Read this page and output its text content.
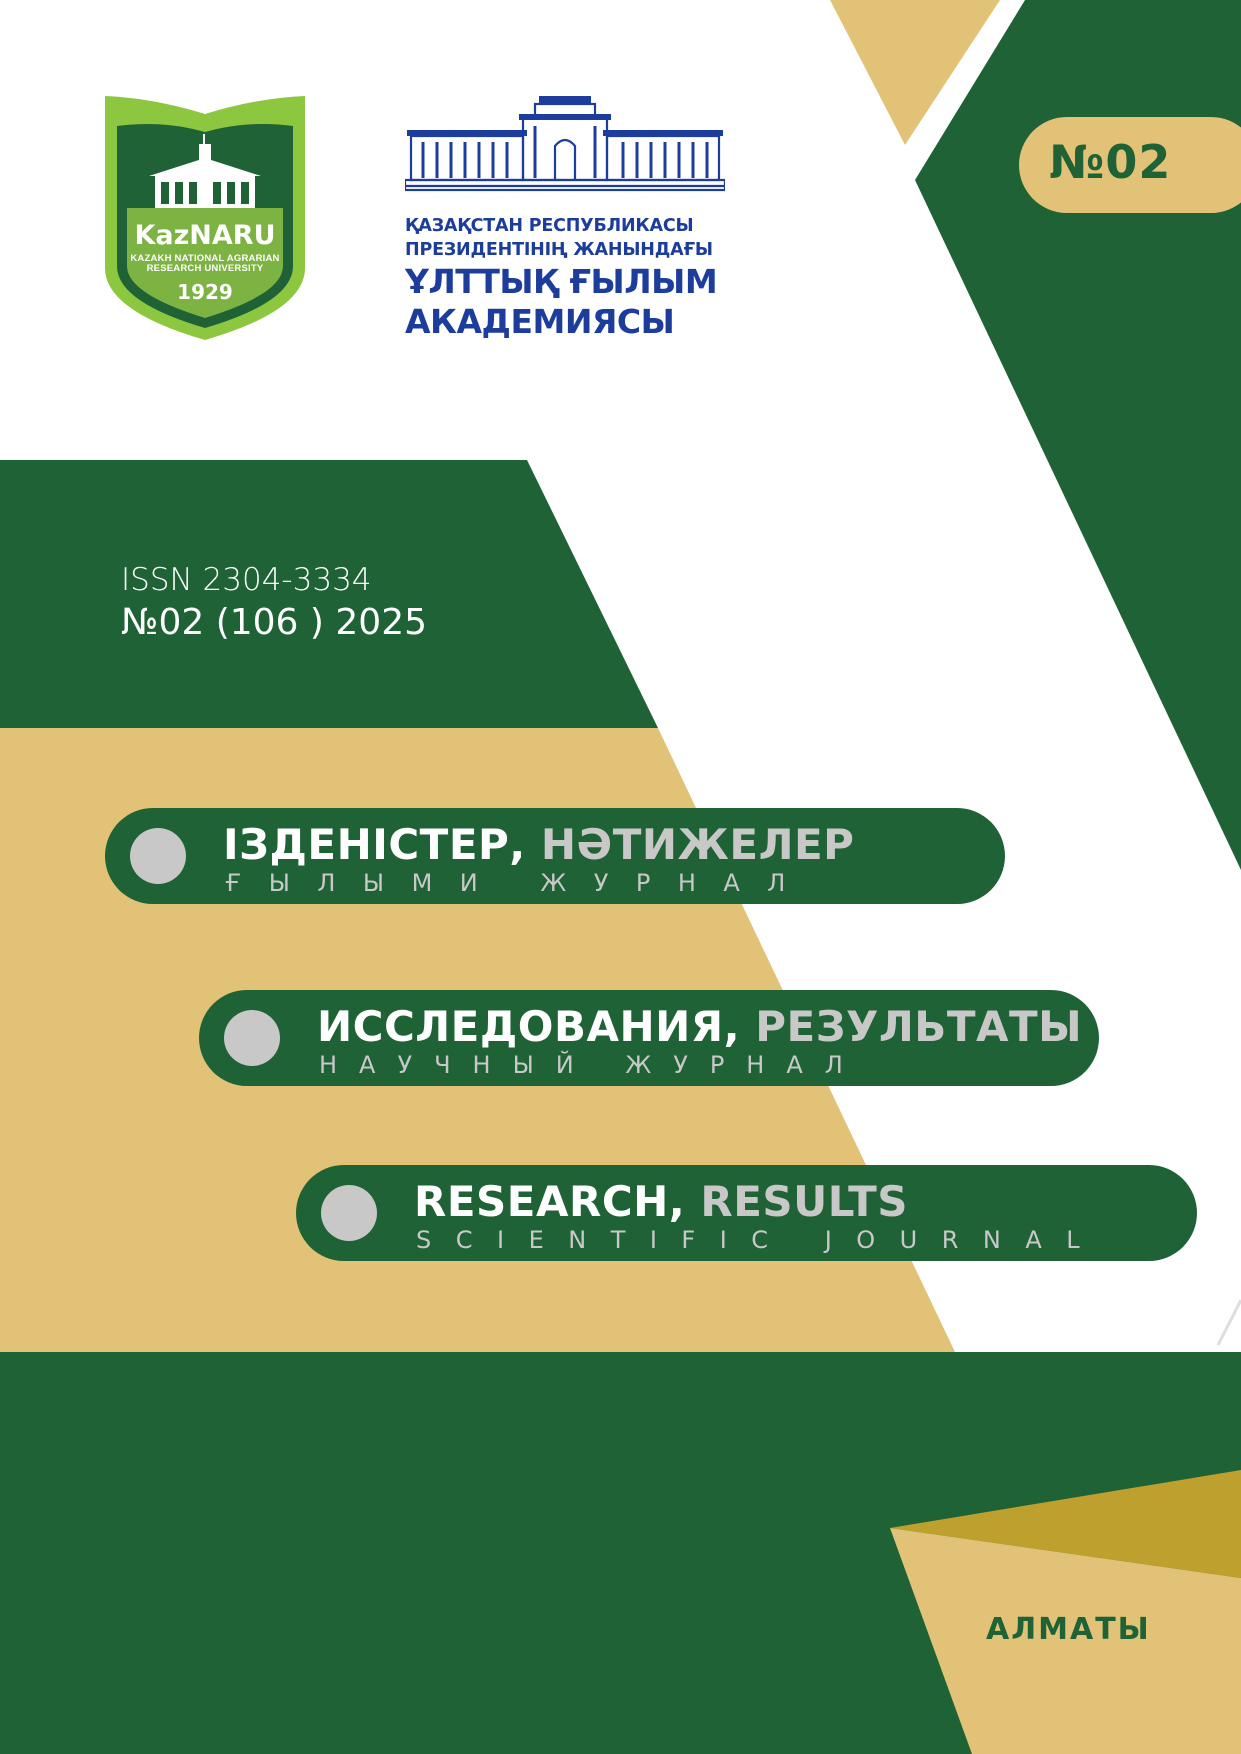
№02
KazNARU
KAZAKH NATIONAL AGRARIAN
RESEARCH UNIVERSITY
1929
ҚАЗАҚСТАН РЕСПУБЛИКАСЫ
ПРЕЗИДЕНТІНІҢ ЖАНЫНДАҒЫ
ҰЛТТЫҚ ҒЫЛЫМ
АКАДЕМИЯСЫ
ISSN 2304-3334
№02 (106 ) 2025
ІЗДЕНІСТЕР, НӘТИЖЕЛЕР
ҒЫЛЫМИ ЖУРНАЛ
ИССЛЕДОВАНИЯ, РЕЗУЛЬТАТЫ
НАУЧНЫЙ ЖУРНАЛ
RESEARCH, RESULTS
SCIENTIFIC JOURNAL
АЛМАТЫ
